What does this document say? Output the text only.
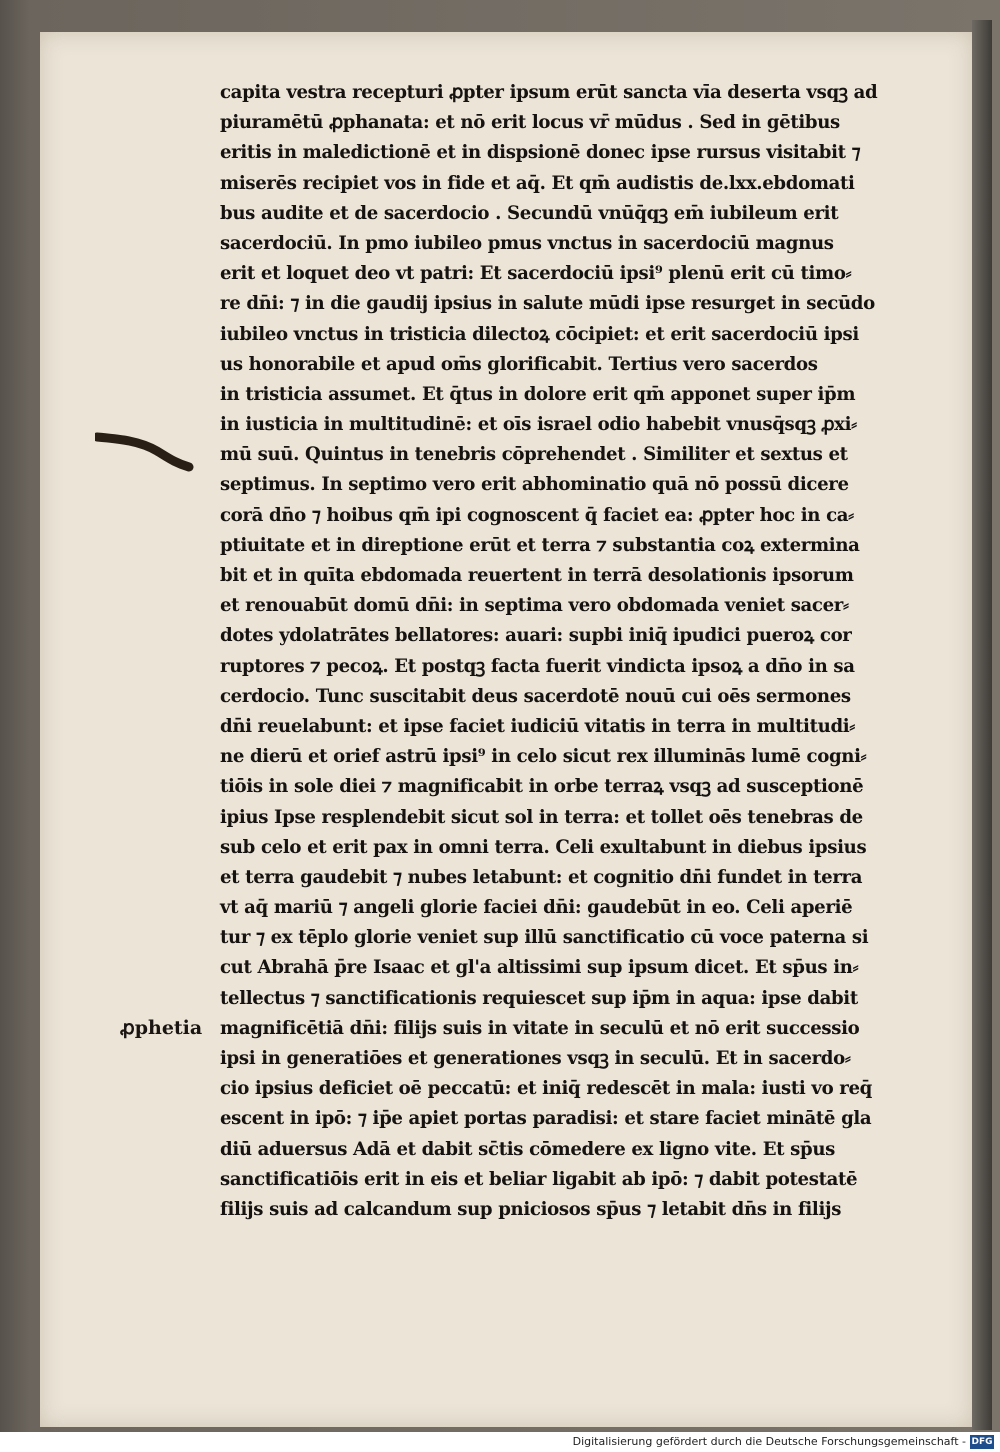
capita vestra recepturi ꝓpter ipsum erūt sancta vīa deserta vsqꝫ ad
piuramētū ꝓphanata: et nō erit locus vr̄ mūdus . Sed in gētibus
eritis in maledictionē et in dispsionē donec ipse rursus visitabit ⁊
miserēs recipiet vos in fide et aq̄. Et qm̄ audistis de.lxx.ebdomati
bus audite et de sacerdocio . Secundū vnūq̄qꝫ em̄ iubileum erit
sacerdociū. In pmo iubileo pmus vnctus in sacerdociū magnus
erit et loquet deo vt patri: Et sacerdociū ipsi⁹ plenū erit cū timo⸗
re dn̄i: ⁊ in die gaudij ipsius in salute mūdi ipse resurget in secūdo
iubileo vnctus in tristicia dilectoꝝ cōcipiet: et erit sacerdociū ipsi
us honorabile et apud om̄s glorificabit. Tertius vero sacerdos
in tristicia assumet. Et q̄tus in dolore erit qm̄ apponet super ip̄m
in iusticia in multitudinē: et oīs israel odio habebit vnusq̄sqꝫ ꝓxi⸗
mū suū. Quintus in tenebris cōprehendet . Similiter et sextus et
septimus. In septimo vero erit abhominatio quā nō possū dicere
corā dn̄o ⁊ hoibus qm̄ ipi cognoscent q̄ faciet ea: ꝓpter hoc in ca⸗
ptiuitate et in direptione erūt et terra ⁊ substantia coꝝ extermina
bit et in quīta ebdomada reuertent in terrā desolationis ipsorum
et renouabūt domū dn̄i: in septima vero obdomada veniet sacer⸗
dotes ydolatrātes bellatores: auari: supbi iniq̄ ipudici pueroꝝ cor
ruptores ⁊ pecoꝝ. Et postqꝫ facta fuerit vindicta ipsoꝝ a dn̄o in sa
cerdocio. Tunc suscitabit deus sacerdotē nouū cui oēs sermones
dn̄i reuelabunt: et ipse faciet iudiciū vitatis in terra in multitudi⸗
ne dierū et orief astrū ipsi⁹ in celo sicut rex illuminās lumē cogni⸗
tiōis in sole diei ⁊ magnificabit in orbe terraꝝ vsqꝫ ad susceptionē
ipius Ipse resplendebit sicut sol in terra: et tollet oēs tenebras de
sub celo et erit pax in omni terra. Celi exultabunt in diebus ipsius
et terra gaudebit ⁊ nubes letabunt: et cognitio dn̄i fundet in terra
vt aq̄ mariū ⁊ angeli glorie faciei dn̄i: gaudebūt in eo. Celi aperiē
tur ⁊ ex tēplo glorie veniet sup illū sanctificatio cū voce paterna si
cut Abrahā p̄re Isaac et gl'a altissimi sup ipsum dicet. Et sp̄us in⸗
tellectus ⁊ sanctificationis requiescet sup ip̄m in aqua: ipse dabit
magnificētiā dn̄i: filijs suis in vitate in seculū et nō erit successio
ipsi in generatiōes et generationes vsqꝫ in seculū. Et in sacerdo⸗
cio ipsius deficiet oē peccatū: et iniq̄ redescēt in mala: iusti vo req̄
escent in ipō: ⁊ ip̄e apiet portas paradisi: et stare faciet minātē gla
diū aduersus Adā et dabit sc̄tis cōmedere ex ligno vite. Et sp̄us
sanctificatiōis erit in eis et beliar ligabit ab ipō: ⁊ dabit potestatē
filijs suis ad calcandum sup pniciosos sp̄us ⁊ letabit dn̄s in filijs
ꝓphetia
Digitalisierung gefördert durch die Deutsche Forschungsgemeinschaft - DFG
